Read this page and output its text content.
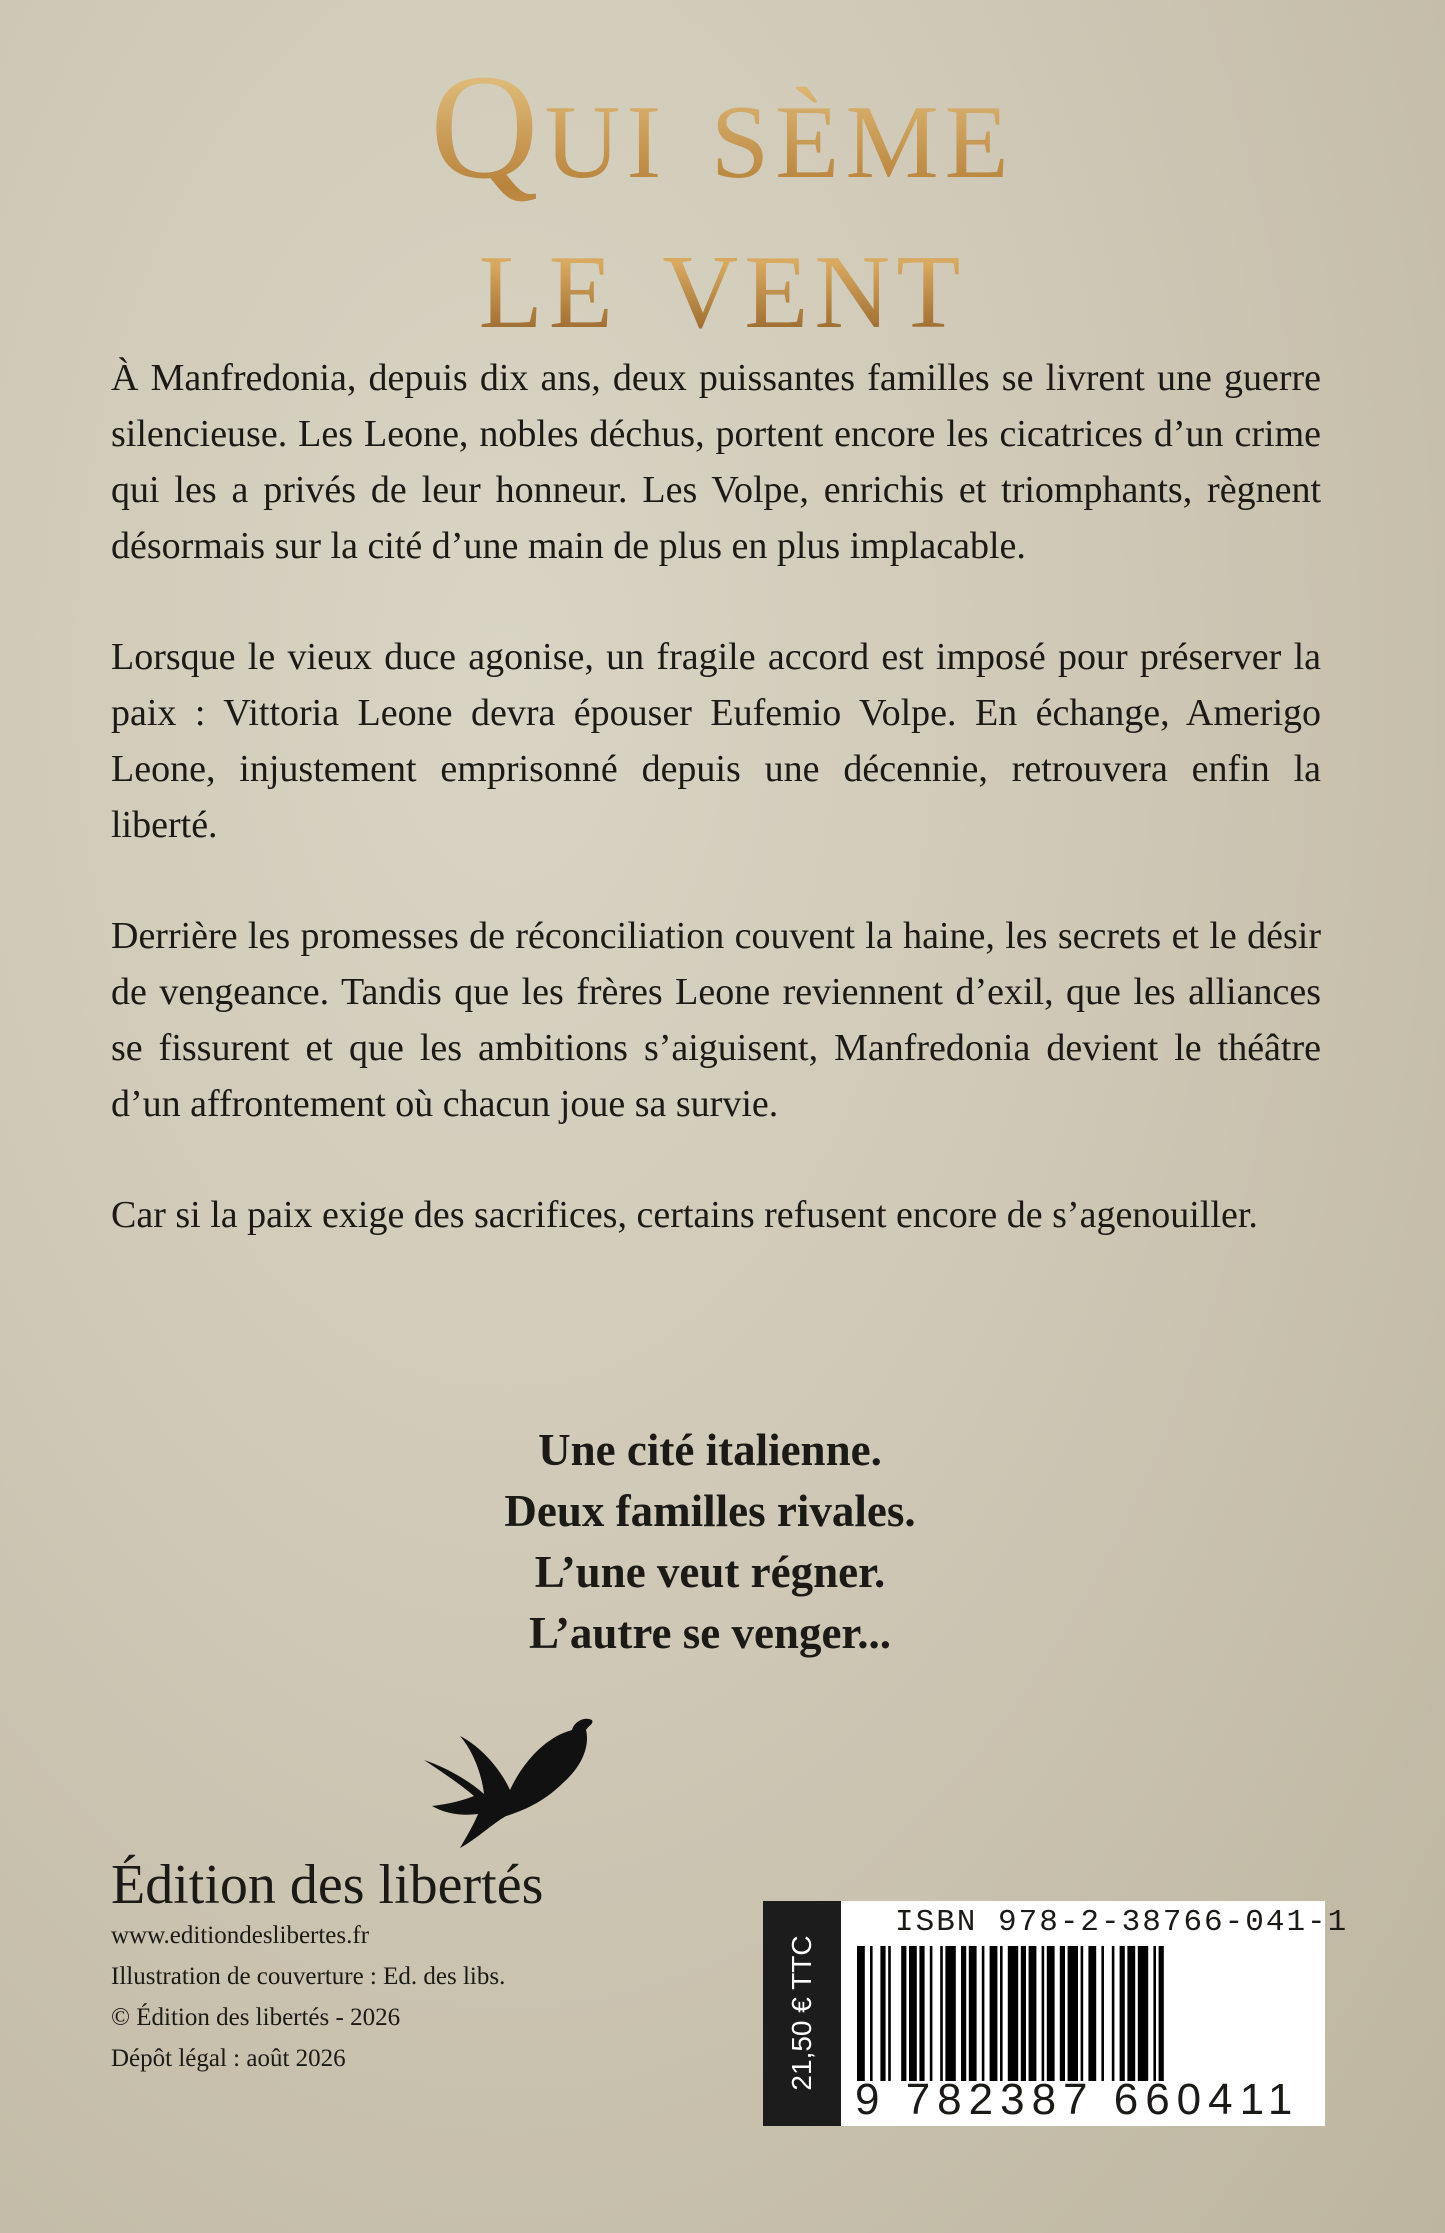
Qui sème
le vent

À Manfredonia, depuis dix ans, deux puissantes familles se livrent une guerre silencieuse. Les Leone, nobles déchus, portent encore les cicatrices d’un crime qui les a privés de leur honneur. Les Volpe, enrichis et triomphants, règnent désormais sur la cité d’une main de plus en plus implacable.

Lorsque le vieux duce agonise, un fragile accord est imposé pour préserver la paix : Vittoria Leone devra épouser Eufemio Volpe. En échange, Amerigo Leone, injustement emprisonné depuis une décennie, retrouvera enfin la liberté.

Derrière les promesses de réconciliation couvent la haine, les secrets et le désir de vengeance. Tandis que les frères Leone reviennent d’exil, que les alliances se fissurent et que les ambitions s’aiguisent, Manfredonia devient le théâtre d’un affrontement où chacun joue sa survie.

Car si la paix exige des sacrifices, certains refusent encore de s’agenouiller.

Une cité italienne.
Deux familles rivales.
L’une veut régner.
L’autre se venger...
Édition des libertés
www.editiondeslibertes.fr
Illustration de couverture : Ed. des libs.
© Édition des libertés - 2026
Dépôt légal : août 2026	21,50 € TTC
ISBN 978-2-38766-041-1
9 782387 660411
